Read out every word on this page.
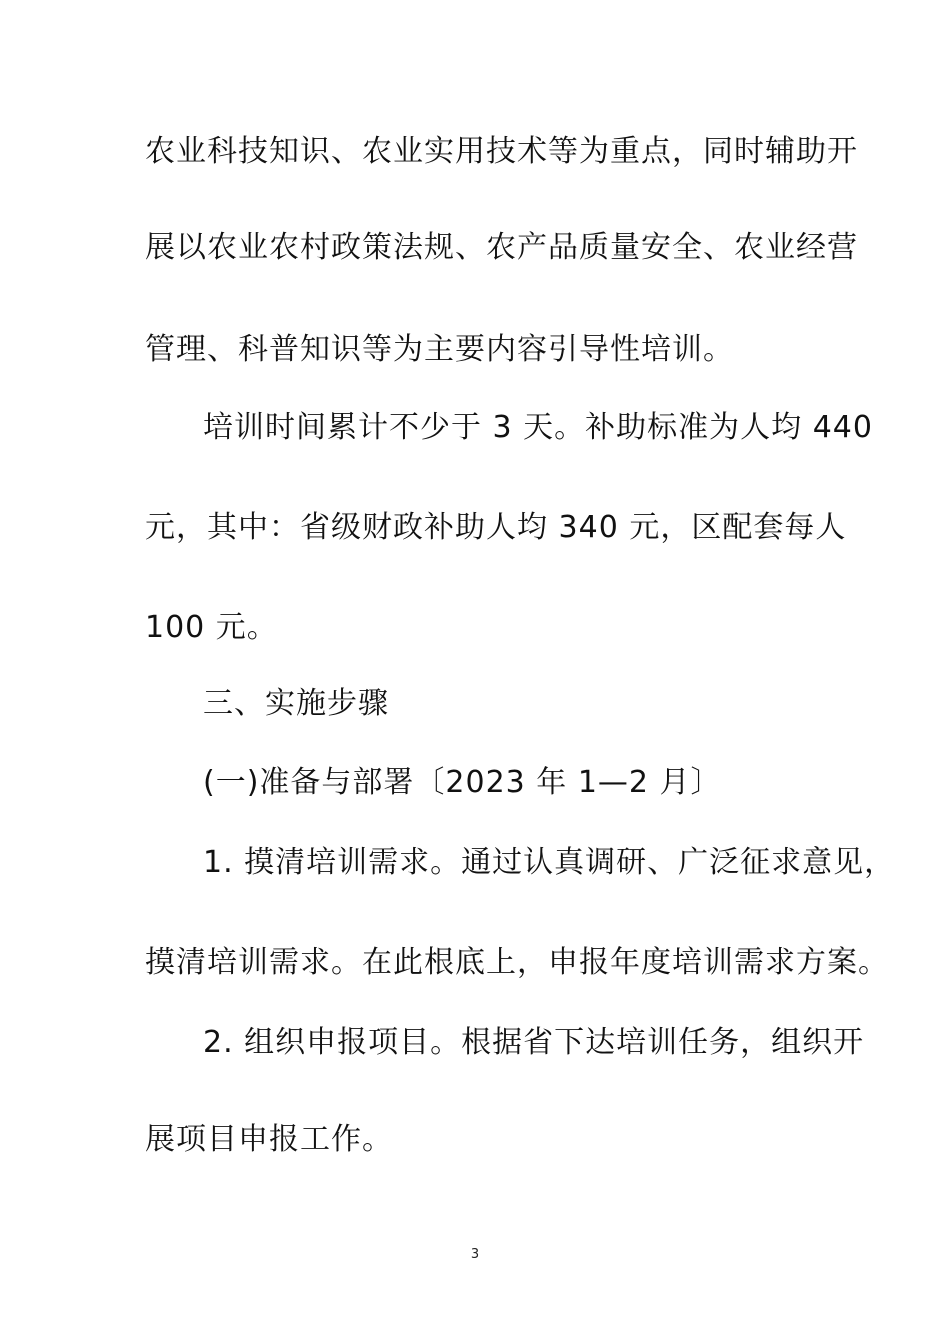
农业科技知识、农业实用技术等为重点，同时辅助开
展以农业农村政策法规、农产品质量安全、农业经营
管理、科普知识等为主要内容引导性培训。
培训时间累计不少于 3 天。补助标准为人均 440
元，其中：省级财政补助人均 340 元，区配套每人
100 元。
三、实施步骤
(一)准备与部署〔2023 年 1—2 月〕
1. 摸清培训需求。通过认真调研、广泛征求意见，
摸清培训需求。在此根底上，申报年度培训需求方案。
2. 组织申报项目。根据省下达培训任务，组织开
展项目申报工作。
3
